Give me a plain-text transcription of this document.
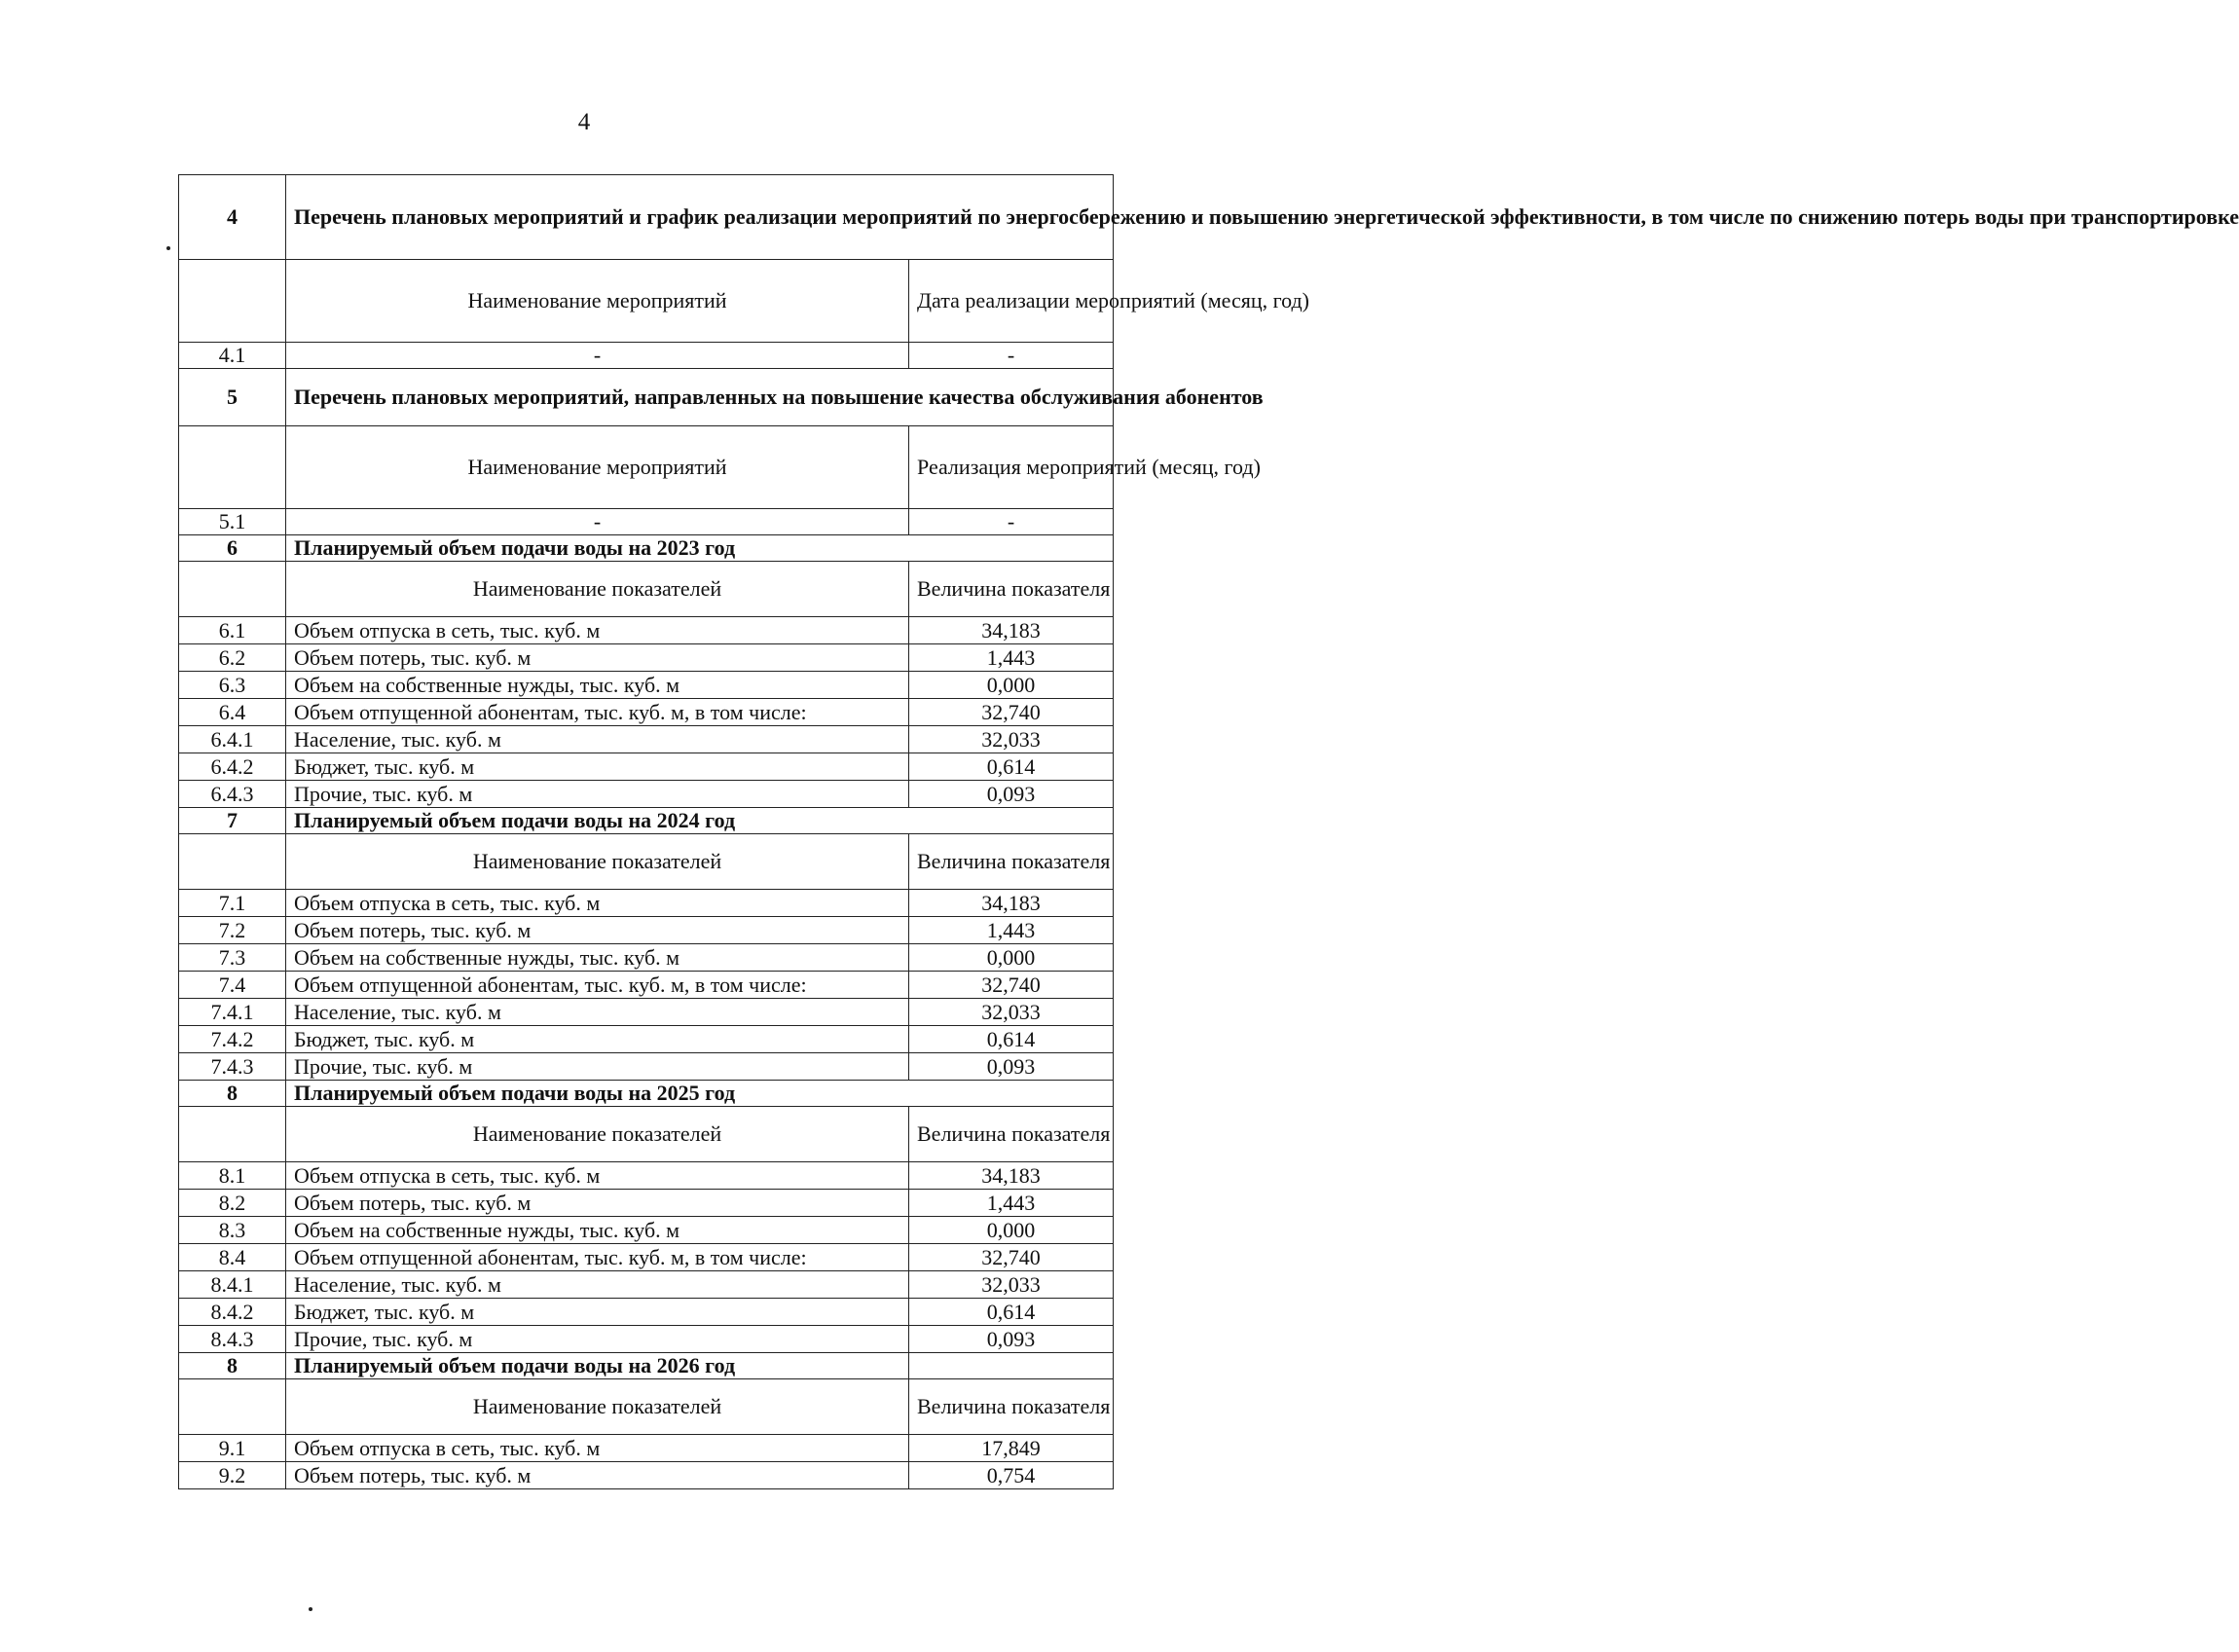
4
4	Перечень плановых мероприятий и график реализации мероприятий по энергосбережению и повышению энергетической эффективности, в том числе по снижению потерь воды при транспортировке	
	Наименование мероприятий	Дата реализации мероприятий (месяц, год)
4.1	-	-
5	Перечень плановых мероприятий, направленных на повышение качества обслуживания абонентов	
	Наименование мероприятий	Реализация мероприятий (месяц, год)
5.1	-	-
6	Планируемый объем подачи воды на 2023 год	
	Наименование показателей	Величина показателя
6.1	Объем отпуска в сеть, тыс. куб. м	34,183
6.2	Объем потерь, тыс. куб. м	1,443
6.3	Объем на собственные нужды, тыс. куб. м	0,000
6.4	Объем отпущенной абонентам, тыс. куб. м, в том числе:	32,740
6.4.1	Население, тыс. куб. м	32,033
6.4.2	Бюджет, тыс. куб. м	0,614
6.4.3	Прочие, тыс. куб. м	0,093
7	Планируемый объем подачи воды на 2024 год	
	Наименование показателей	Величина показателя
7.1	Объем отпуска в сеть, тыс. куб. м	34,183
7.2	Объем потерь, тыс. куб. м	1,443
7.3	Объем на собственные нужды, тыс. куб. м	0,000
7.4	Объем отпущенной абонентам, тыс. куб. м, в том числе:	32,740
7.4.1	Население, тыс. куб. м	32,033
7.4.2	Бюджет, тыс. куб. м	0,614
7.4.3	Прочие, тыс. куб. м	0,093
8	Планируемый объем подачи воды на 2025 год	
	Наименование показателей	Величина показателя
8.1	Объем отпуска в сеть, тыс. куб. м	34,183
8.2	Объем потерь, тыс. куб. м	1,443
8.3	Объем на собственные нужды, тыс. куб. м	0,000
8.4	Объем отпущенной абонентам, тыс. куб. м, в том числе:	32,740
8.4.1	Население, тыс. куб. м	32,033
8.4.2	Бюджет, тыс. куб. м	0,614
8.4.3	Прочие, тыс. куб. м	0,093
8	Планируемый объем подачи воды на 2026 год	
	Наименование показателей	Величина показателя
9.1	Объем отпуска в сеть, тыс. куб. м	17,849
9.2	Объем потерь, тыс. куб. м	0,754
